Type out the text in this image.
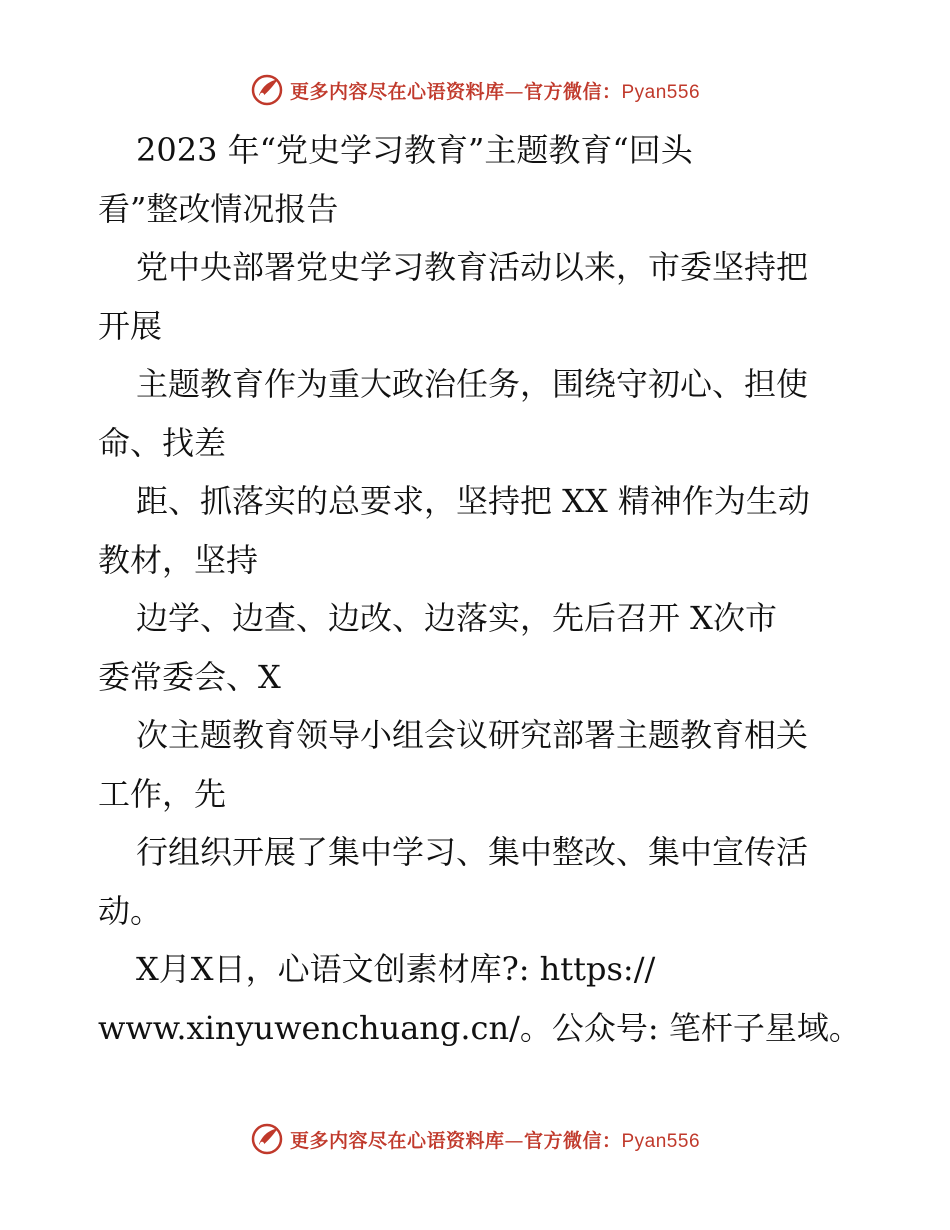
更多内容尽在心语资料库—官方微信：Pyan556
2023 年“党史学习教育”主题教育“回头
看”整改情况报告
党中央部署党史学习教育活动以来，市委坚持把
开展
主题教育作为重大政治任务，围绕守初心、担使
命、找差
距、抓落实的总要求，坚持把 XX 精神作为生动
教材，坚持
边学、边查、边改、边落实，先后召开 X次市
委常委会、X
次主题教育领导小组会议研究部署主题教育相关
工作，先
行组织开展了集中学习、集中整改、集中宣传活
动。
X月X日，心语文创素材库?: https://
www.xinyuwenchuang.cn/。公众号: 笔杆子星域。
更多内容尽在心语资料库—官方微信：Pyan556
